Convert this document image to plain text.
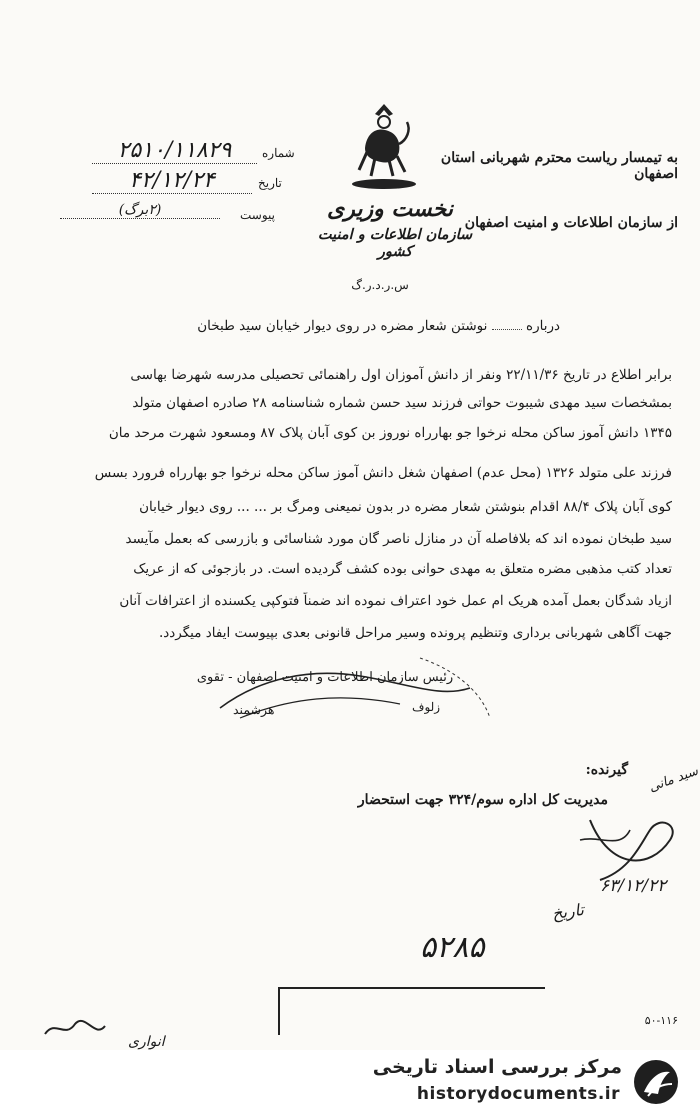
نخست وزیری
سازمان اطلاعات و امنیت کشور
س.ر.د.ر.گ
شماره
۲۵۱۰/۱۱۸۲۹
تاریخ
۴۲/۱۲/۲۴
پیوست
(۲برگ)
به تیمسار ریاست محترم شهربانی استان اصفهان
از سازمان اطلاعات و امنیت اصفهان
درباره  نوشتن شعار مضره در روی دیوار خیابان سید طبخان
برابر اطلاع در تاریخ ۲۲/۱۱/۳۶ ونفر از دانش آموزان اول راهنمائی تحصیلی مدرسه شهرضا بهاسی
بمشخصات سید مهدی شیبوت حواتی فرزند سید حسن شماره شناسنامه ۲۸ صادره اصفهان متولد
۱۳۴۵ دانش آموز ساکن محله نرخوا جو بهارراه نوروز بن کوی آبان پلاک ۸۷ ومسعود شهرت مرحد مان
فرزند علی متولد ۱۳۲۶ (محل عدم) اصفهان شغل دانش آموز ساکن محله نرخوا جو بهارراه فرورد بسس
کوی آبان پلاک ۸۸/۴ اقدام بنوشتن شعار مضره در بدون نمیعنی ومرگ بر ... ... روی دیوار خیابان
سید طبخان نموده اند که بلافاصله آن در منازل ناصر گان مورد شناسائی و بازرسی که بعمل مآیسد
تعداد کتب مذهبی مضره متعلق به مهدی حوانی بوده کشف گردیده است. در بازجوئی که از عریک
ازیاد شدگان بعمل آمده هریک ام عمل خود اعتراف نموده اند ضمناً فتوکپی یکسنده از اعترافات آنان
جهت آگاهی شهربانی برداری وتنظیم پرونده وسیر مراحل قانونی بعدی بپیوست ایفاد میگردد.
رئیس سازمان اطلاعات و امنیت اصفهان - تقوی
هرشمند	زلوف
گیرنده:
مدیریت کل اداره سوم/۳۲۴ جهت استحضار
سید مانی
۶۳/۱۲/۲۲
تاریخ
۵۲۸۵
انواری
۵۰-۱۱۶
مرکز بررسی اسناد تاریخی
historydocuments.ir
